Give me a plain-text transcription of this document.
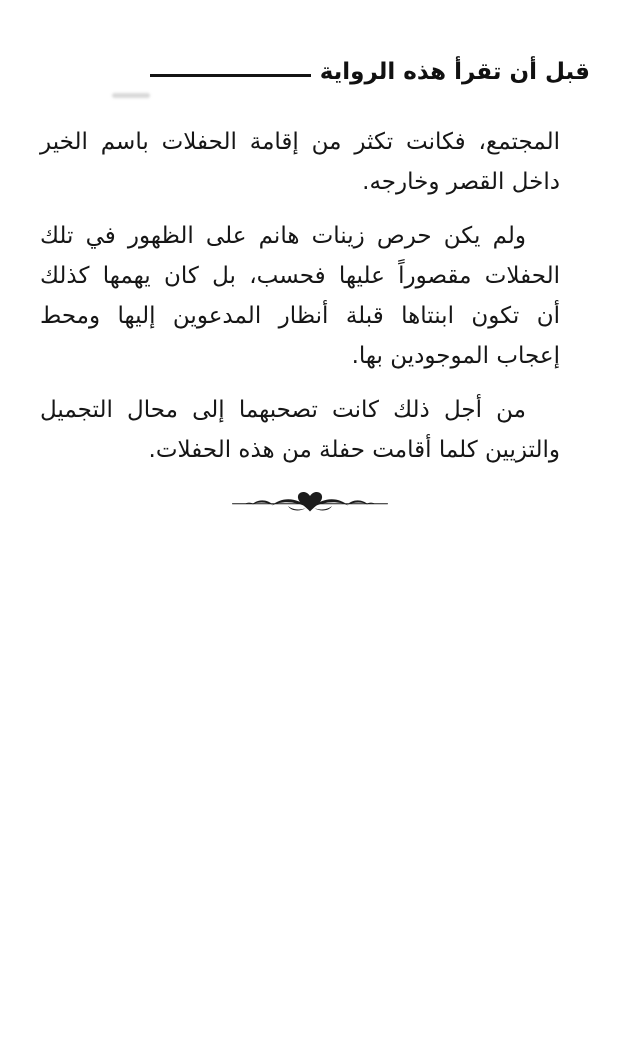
قبل أن تقرأ هذه الرواية
المجتمع، فكانت تكثر من إقامة الحفلات باسم الخير
داخل القصر وخارجه.
ولم يكن حرص زينات هانم على الظهور في تلك
الحفلات مقصوراً عليها فحسب، بل كان يهمها كذلك
أن تكون ابنتاها قبلة أنظار المدعوين إليها ومحط
إعجاب الموجودين بها.
من أجل ذلك كانت تصحبهما إلى محال التجميل
والتزيين كلما أقامت حفلة من هذه الحفلات.
